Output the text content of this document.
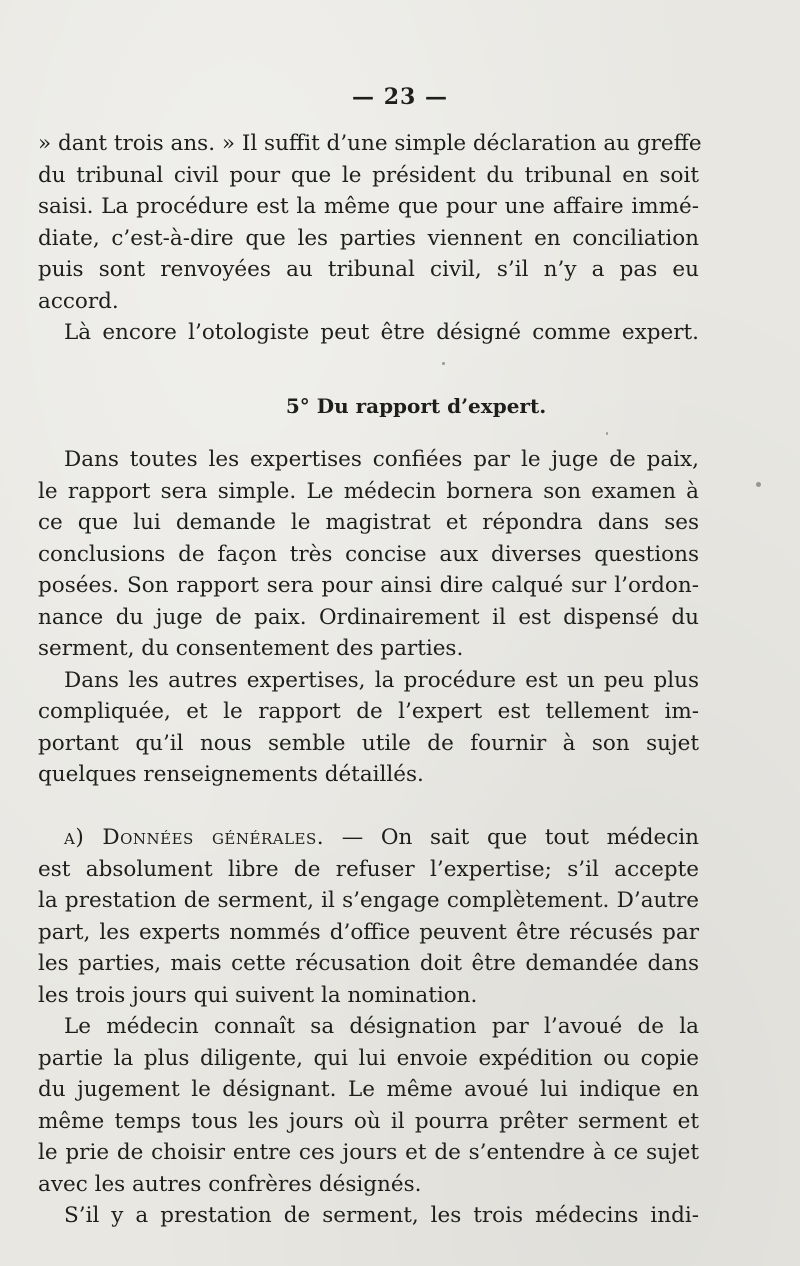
— 23 —
» dant trois ans. » Il suffit d’une simple déclaration au greffe
du tribunal civil pour que le président du tribunal en soit
saisi. La procédure est la même que pour une affaire immé-
diate, c’est-à-dire que les parties viennent en conciliation
puis sont renvoyées au tribunal civil, s’il n’y a pas eu
accord.
Là encore l’otologiste peut être désigné comme expert.
5° Du rapport d’expert.
Dans toutes les expertises confiées par le juge de paix,
le rapport sera simple. Le médecin bornera son examen à
ce que lui demande le magistrat et répondra dans ses
conclusions de façon très concise aux diverses questions
posées. Son rapport sera pour ainsi dire calqué sur l’ordon-
nance du juge de paix. Ordinairement il est dispensé du
serment, du consentement des parties.
Dans les autres expertises, la procédure est un peu plus
compliquée, et le rapport de l’expert est tellement im-
portant qu’il nous semble utile de fournir à son sujet
quelques renseignements détaillés.
a) Données générales. — On sait que tout médecin
est absolument libre de refuser l’expertise; s’il accepte
la prestation de serment, il s’engage complètement. D’autre
part, les experts nommés d’office peuvent être récusés par
les parties, mais cette récusation doit être demandée dans
les trois jours qui suivent la nomination.
Le médecin connaît sa désignation par l’avoué de la
partie la plus diligente, qui lui envoie expédition ou copie
du jugement le désignant. Le même avoué lui indique en
même temps tous les jours où il pourra prêter serment et
le prie de choisir entre ces jours et de s’entendre à ce sujet
avec les autres confrères désignés.
S’il y a prestation de serment, les trois médecins indi-
